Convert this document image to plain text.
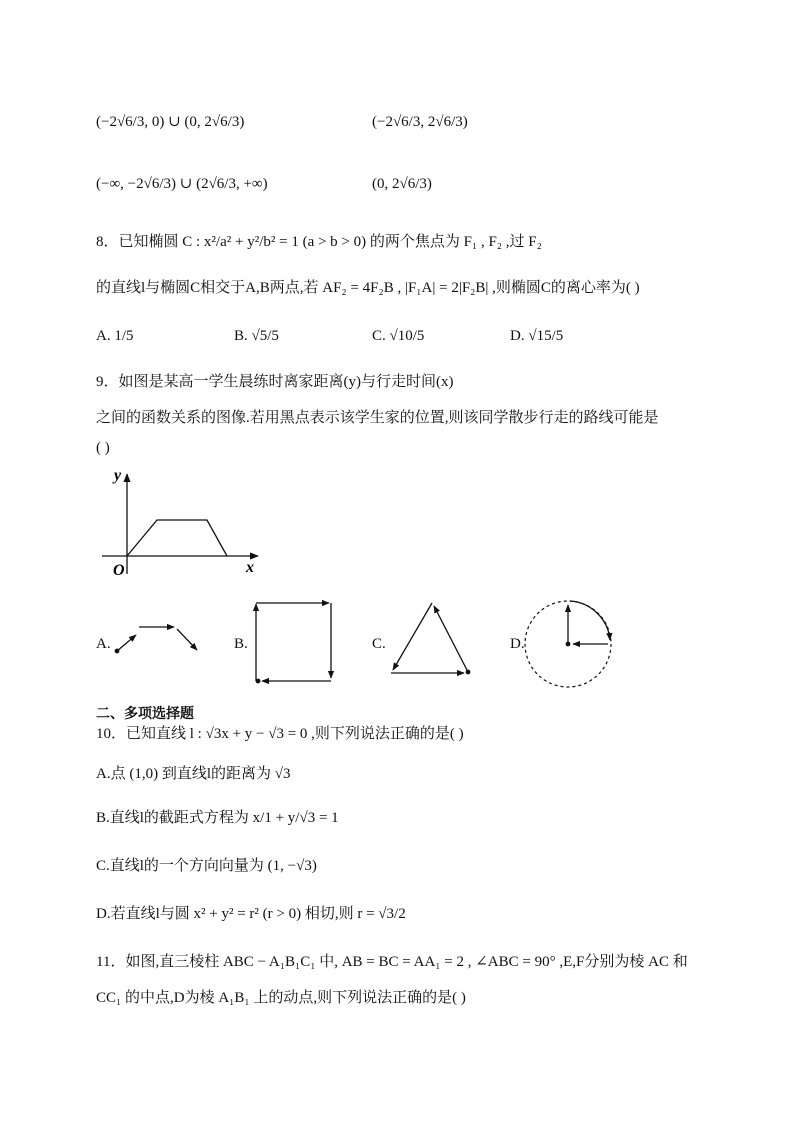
(−2√6/3, 0) ∪ (0, 2√6/3)	(−2√6/3, 2√6/3)
(−∞, −2√6/3) ∪ (2√6/3, +∞)	(0, 2√6/3)
8．已知椭圆 C : x²/a² + y²/b² = 1 (a > b > 0) 的两个焦点为 F₁ , F₂ ,过 F₂
的直线l与椭圆C相交于A,B两点,若 AF₂ = 4F₂B , |F₁A| = 2|F₂B| ,则椭圆C的离心率为( )
A. 1/5	B. √5/5	C. √10/5	D. √15/5
9．如图是某高一学生晨练时离家距离(y)与行走时间(x)
之间的函数关系的图像.若用黑点表示该学生家的位置,则该同学散步行走的路线可能是
( )
y
x
O
A.	B.	C.	D.
二、多项选择题
10．已知直线 l : √3x + y − √3 = 0 ,则下列说法正确的是( )
A.点 (1,0) 到直线l的距离为 √3
B.直线l的截距式方程为 x/1 + y/√3 = 1
C.直线l的一个方向向量为 (1, −√3)
D.若直线l与圆 x² + y² = r² (r > 0) 相切,则 r = √3/2
11．如图,直三棱柱 ABC − A₁B₁C₁ 中, AB = BC = AA₁ = 2 , ∠ABC = 90° ,E,F分别为棱 AC 和
CC₁ 的中点,D为棱 A₁B₁ 上的动点,则下列说法正确的是( )
